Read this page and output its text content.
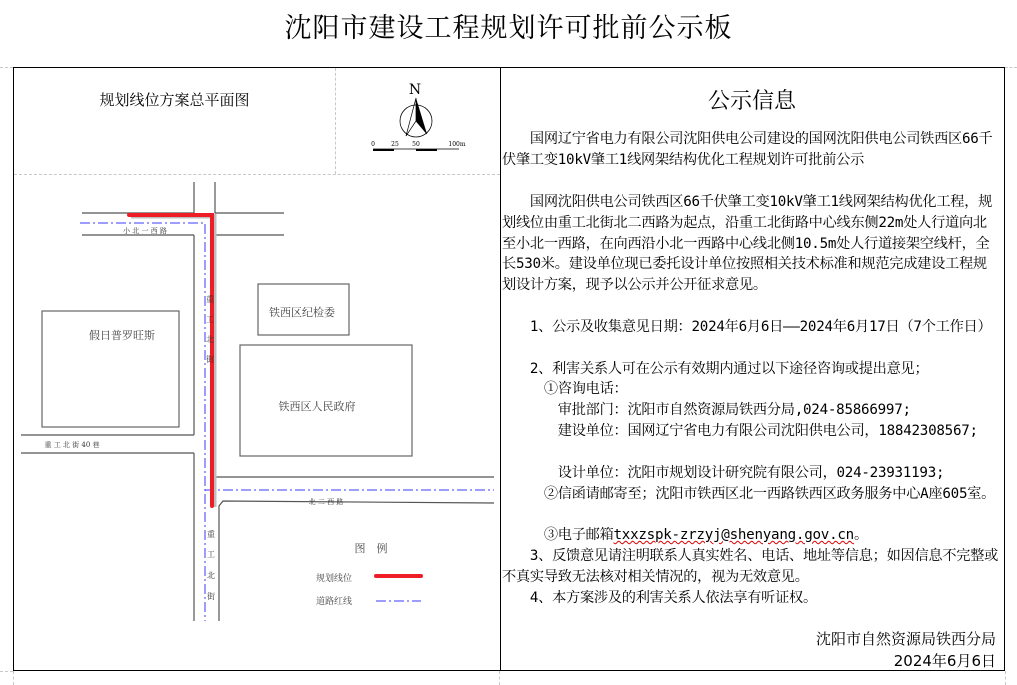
沈阳市建设工程规划许可批前公示板
规划线位方案总平面图
N
0	25 50	100m
小 北 一 西 路
重 工 北 街 40 巷
北 二 西 路
重
工
北
街
重
工
北
街
假日普罗旺斯
铁西区纪检委
铁西区人民政府
图　例
规划线位
道路红线
公示信息
　　国网辽宁省电力有限公司沈阳供电公司建设的国网沈阳供电公司铁西区66千伏肇工变10kV肇工1线网架结构优化工程规划许可批前公示
　　国网沈阳供电公司铁西区66千伏肇工变10kV肇工1线网架结构优化工程，规划线位由重工北街北二西路为起点，沿重工北街路中心线东侧22m处人行道向北至小北一西路，在向西沿小北一西路中心线北侧10.5m处人行道接架空线杆，全长530米。建设单位现已委托设计单位按照相关技术标准和规范完成建设工程规划设计方案，现予以公示并公开征求意见。
　　1、公示及收集意见日期：2024年6月6日——2024年6月17日（7个工作日）
　　2、利害关系人可在公示有效期内通过以下途径咨询或提出意见；
　　　①咨询电话：
　　　　审批部门：沈阳市自然资源局铁西分局,024-85866997;
　　　　建设单位：国网辽宁省电力有限公司沈阳供电公司，18842308567;
　　　　设计单位：沈阳市规划设计研究院有限公司，024-23931193;
　　　②信函请邮寄至；沈阳市铁西区北一西路铁西区政务服务中心A座605室。
　　　③电子邮箱txxzspk-zrzyj@shenyang.gov.cn。
　　3、反馈意见请注明联系人真实姓名、电话、地址等信息；如因信息不完整或不真实导致无法核对相关情况的，视为无效意见。
　　4、本方案涉及的利害关系人依法享有听证权。
沈阳市自然资源局铁西分局
2024年6月6日
